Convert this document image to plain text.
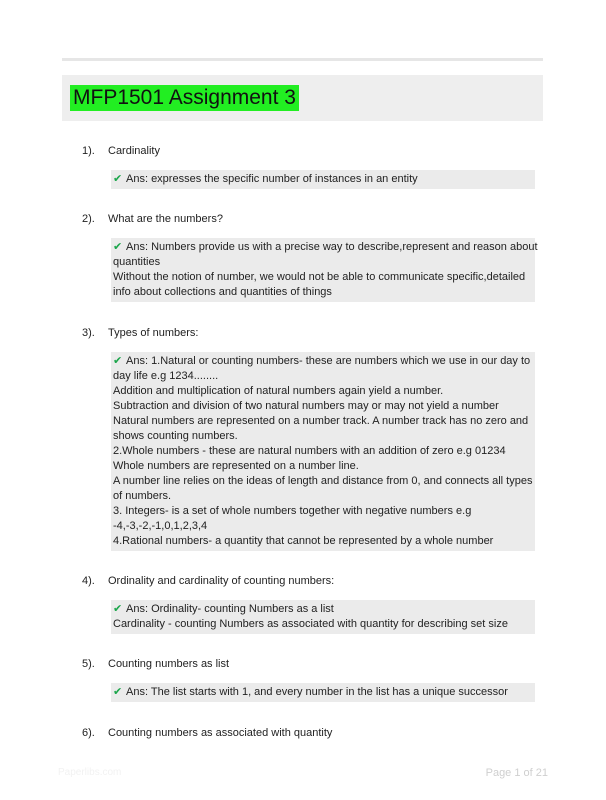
MFP1501 Assignment 3
1). Cardinality
✔ Ans: expresses the specific number of instances in an entity
2). What are the numbers?
✔ Ans: Numbers provide us with a precise way to describe,represent and reason about
quantities
Without the notion of number, we would not be able to communicate specific,detailed
info about collections and quantities of things
3). Types of numbers:
✔ Ans: 1.Natural or counting numbers- these are numbers which we use in our day to
day life e.g 1234........
Addition and multiplication of natural numbers again yield a number.
Subtraction and division of two natural numbers may or may not yield a number
Natural numbers are represented on a number track. A number track has no zero and
shows counting numbers.
2.Whole numbers - these are natural numbers with an addition of zero e.g 01234
Whole numbers are represented on a number line.
A number line relies on the ideas of length and distance from 0, and connects all types
of numbers.
3. Integers- is a set of whole numbers together with negative numbers e.g
-4,-3,-2,-1,0,1,2,3,4
4.Rational numbers- a quantity that cannot be represented by a whole number
4). Ordinality and cardinality of counting numbers:
✔ Ans: Ordinality- counting Numbers as a list
Cardinality - counting Numbers as associated with quantity for describing set size
5). Counting numbers as list
✔ Ans: The list starts with 1, and every number in the list has a unique successor
6). Counting numbers as associated with quantity
Paperlibs.com	Page 1 of 21
